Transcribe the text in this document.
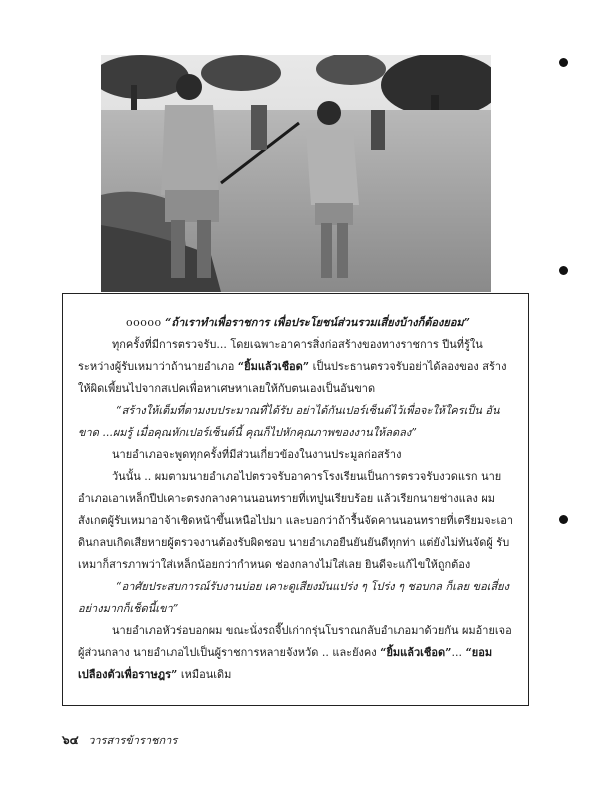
ooooo “ถ้าเราทำเพื่อราชการ เพื่อประโยชน์ส่วนรวมเสี่ยงบ้างก็ต้องยอม”

ทุกครั้งที่มีการตรวจรับ... โดยเฉพาะอาคารสิ่งก่อสร้างของทางราชการ ปีนที่รู้ใน ระหว่างผู้รับเหมาว่าถ้านายอำเภอ “ยิ้มแล้วเชือด” เป็นประธานตรวจรับอย่าได้ลองของ สร้าง ให้ผิดเพี้ยนไปจากสเปคเพื่อหาเศษหาเลยให้กับตนเองเป็นอันขาด

“สร้างให้เต็มที่ตามงบประมาณที่ได้รับ อย่าได้กันเปอร์เซ็นต์ไว้เพื่อจะให้ใครเป็น อันขาด ...ผมรู้ เมื่อคุณหักเปอร์เซ็นต์นี้ คุณก็ไปหักคุณภาพของงานให้ลดลง”

นายอำเภอจะพูดทุกครั้งที่มีส่วนเกี่ยวข้องในงานประมูลก่อสร้าง

วันนั้น .. ผมตามนายอำเภอไปตรวจรับอาคารโรงเรียนเป็นการตรวจรับงวดแรก นาย อำเภอเอาเหล็กปีปเคาะตรงกลางคานนอนทรายที่เทปูนเรียบร้อย แล้วเรียกนายช่างแลง ผม สังเกตผู้รับเหมาอาจ้าเชิดหน้าขึ้นเหนือไปมา และบอกว่าถ้ารื้นจัดคานนอนทรายที่เตรียมจะเอา ดินกลบเกิดเสียหายผู้ตรวจงานต้องรับผิดชอบ นายอำเภอยืนยันยันดีทุกท่า แต่ยังไม่ทันจัดผู้ รับเหมาก็สารภาพว่าใส่เหล็กน้อยกว่ากำหนด ช่องกลางไม่ใส่เลย ยินดีจะแก้ไขให้ถูกต้อง

“อาศัยประสบการณ์รับงานบ่อย เคาะดูเสียงมันแปร่ง ๆ โปร่ง ๆ ชอบกล ก็เลย ขอเสี่ยง อย่างมากก็เช็ดนี้เขา”

นายอำเภอหัวร่อบอกผม ขณะนั่งรถจี๊ปเก่ากรุ่นโบราณกลับอำเภอมาด้วยกัน ผมอ้ายเจอผู้ส่วนกลาง นายอำเภอไปเป็นผู้ราชการหลายจังหวัด .. และยังคง “ยิ้มแล้วเชือด”... “ยอมเปลืองตัวเพื่อราษฎร” เหมือนเดิม

๖๔ วารสารข้าราชการ
